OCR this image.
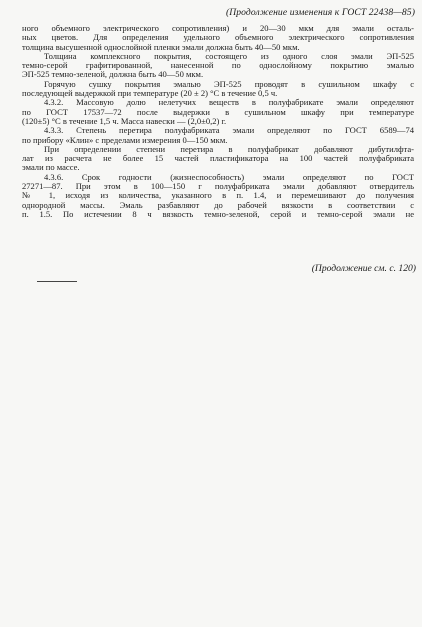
(Продолжение изменения к ГОСТ 22438—85)

ного объемного электрического сопротивления) и 20—30 мкм для эмали осталь-
ных цветов. Для определения удельного объемного электрического сопротивления
толщина высушенной однослойной пленки эмали должна быть 40—50 мкм.

Толщина комплексного покрытия, состоящего из одного слоя эмали ЭП-525
темно-серой графитированной, нанесенной по однослойному покрытию эмалью
ЭП-525 темно-зеленой, должна быть 40—50 мкм.

Горячую сушку покрытия эмалью ЭП-525 проводят в сушильном шкафу с
последующей выдержкой при температуре (20 ± 2) °С в течение 0,5 ч.

4.3.2. Массовую долю нелетучих веществ в полуфабрикате эмали определяют
по ГОСТ 17537—72 после выдержки в сушильном шкафу при температуре
(120±5) °С в течение 1,5 ч. Масса навески — (2,0±0,2) г.

4.3.3. Степень перетира полуфабриката эмали определяют по ГОСТ 6589—74
по прибору «Клин» с пределами измерения 0—150 мкм.

При определении степени перетира в полуфабрикат добавляют дибутилфта-
лат из расчета не более 15 частей пластификатора на 100 частей полуфабриката
эмали по массе.

4.3.6. Срок годности (жизнеспособность) эмали определяют по ГОСТ
27271—87. При этом в 100—150 г полуфабриката эмали добавляют отвердитель
№ 1, исходя из количества, указанного в п. 1.4, и перемешивают до получения
однородной массы. Эмаль разбавляют до рабочей вязкости в соответствии с
п. 1.5. По истечении 8 ч вязкость темно-зеленой, серой и темно-серой эмали не

(Продолжение см. с. 120)
